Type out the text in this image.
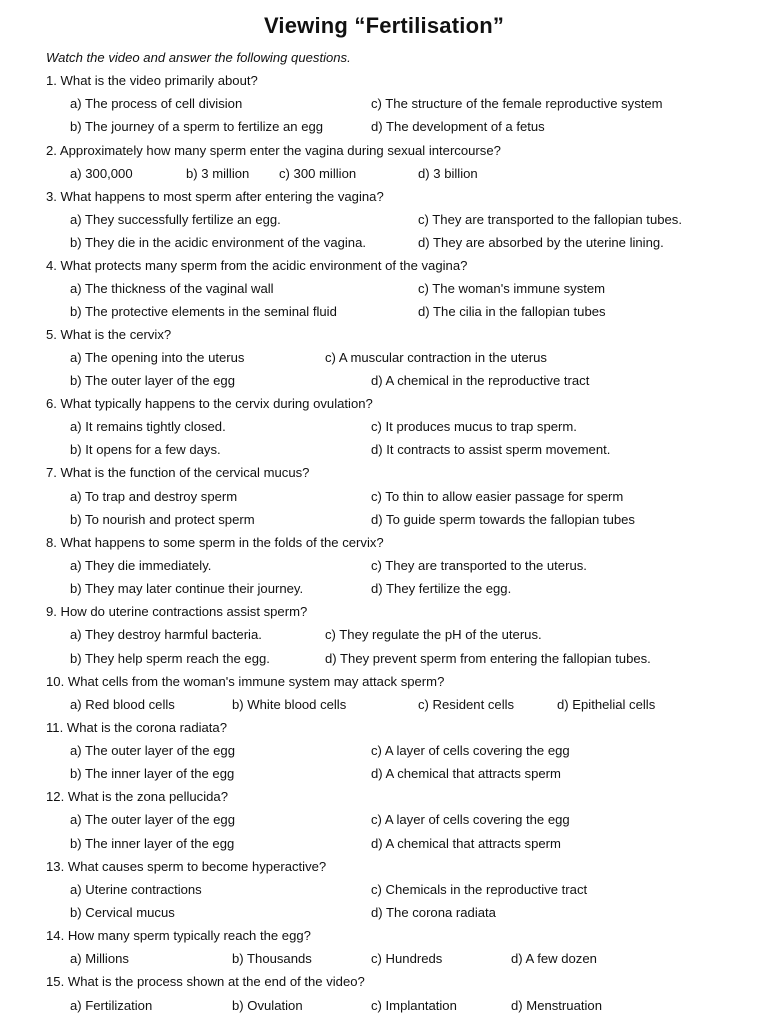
Viewing “Fertilisation”
Watch the video and answer the following questions.
1. What is the video primarily about?
a) The process of cell division	c) The structure of the female reproductive system
b) The journey of a sperm to fertilize an egg	d) The development of a fetus
2. Approximately how many sperm enter the vagina during sexual intercourse?
a) 300,000	b) 3 million c) 300 million	d) 3 billion
3. What happens to most sperm after entering the vagina?
a) They successfully fertilize an egg.	c) They are transported to the fallopian tubes.
b) They die in the acidic environment of the vagina.	d) They are absorbed by the uterine lining.
4. What protects many sperm from the acidic environment of the vagina?
a) The thickness of the vaginal wall	c) The woman's immune system
b) The protective elements in the seminal fluid	d) The cilia in the fallopian tubes
5. What is the cervix?
a) The opening into the uterus	c) A muscular contraction in the uterus
b) The outer layer of the egg	d) A chemical in the reproductive tract
6. What typically happens to the cervix during ovulation?
a) It remains tightly closed.	c) It produces mucus to trap sperm.
b) It opens for a few days.	d) It contracts to assist sperm movement.
7. What is the function of the cervical mucus?
a) To trap and destroy sperm	c) To thin to allow easier passage for sperm
b) To nourish and protect sperm	d) To guide sperm towards the fallopian tubes
8. What happens to some sperm in the folds of the cervix?
a) They die immediately.	c) They are transported to the uterus.
b) They may later continue their journey.	d) They fertilize the egg.
9. How do uterine contractions assist sperm?
a) They destroy harmful bacteria.	c) They regulate the pH of the uterus.
b) They help sperm reach the egg.	d) They prevent sperm from entering the fallopian tubes.
10. What cells from the woman's immune system may attack sperm?
a) Red blood cells	b) White blood cells	c) Resident cells	d) Epithelial cells
11. What is the corona radiata?
a) The outer layer of the egg	c) A layer of cells covering the egg
b) The inner layer of the egg	d) A chemical that attracts sperm
12. What is the zona pellucida?
a) The outer layer of the egg	c) A layer of cells covering the egg
b) The inner layer of the egg	d) A chemical that attracts sperm
13. What causes sperm to become hyperactive?
a) Uterine contractions	c) Chemicals in the reproductive tract
b) Cervical mucus	d) The corona radiata
14. How many sperm typically reach the egg?
a) Millions	b) Thousands	c) Hundreds	d) A few dozen
15. What is the process shown at the end of the video?
a) Fertilization	b) Ovulation	c) Implantation	d) Menstruation
